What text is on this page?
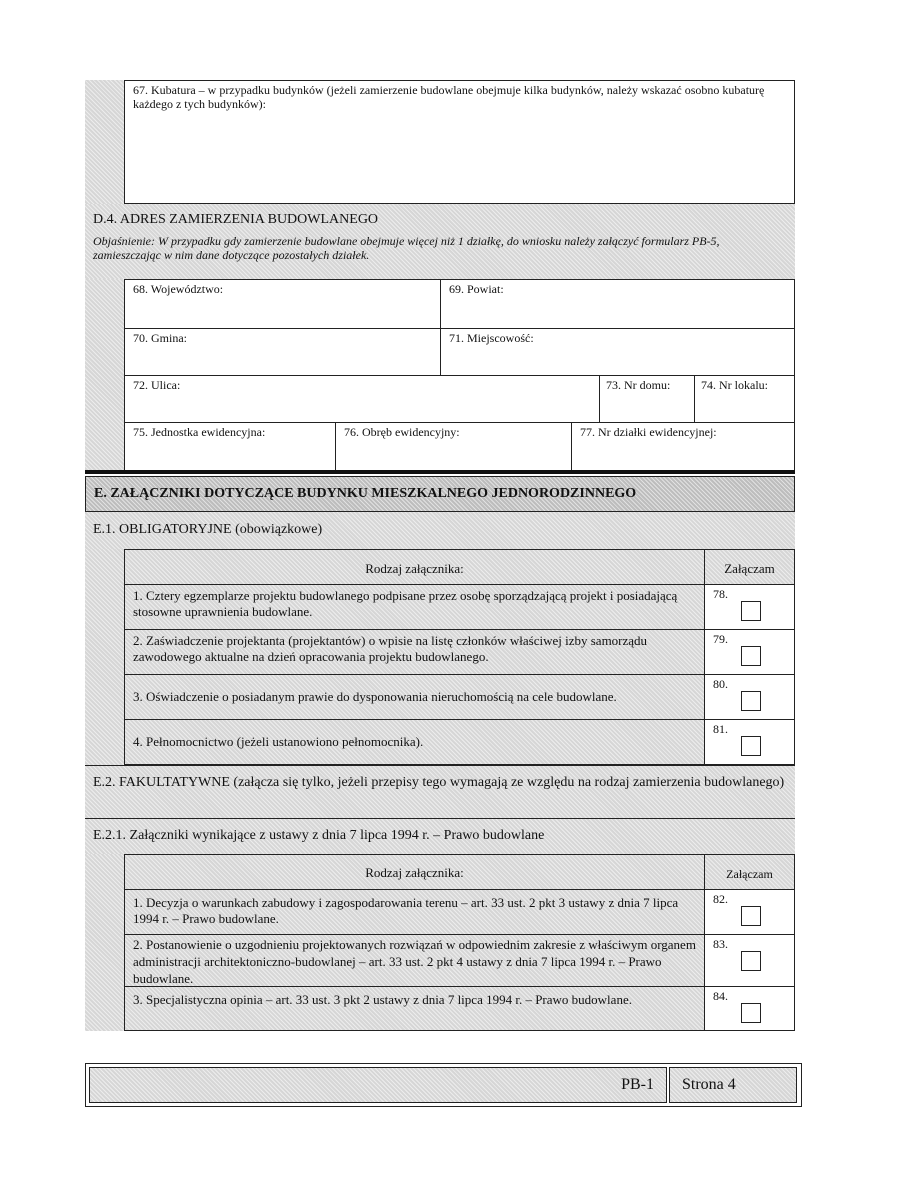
67. Kubatura – w przypadku budynków (jeżeli zamierzenie budowlane obejmuje kilka budynków, należy wskazać osobno kubaturę każdego z tych budynków):
D.4. ADRES ZAMIERZENIA BUDOWLANEGO
Objaśnienie: W przypadku gdy zamierzenie budowlane obejmuje więcej niż 1 działkę, do wniosku należy załączyć formularz PB-5, zamieszczając w nim dane dotyczące pozostałych działek.
68. Województwo:	69. Powiat:
70. Gmina:	71. Miejscowość:
72. Ulica:	73. Nr domu:	74. Nr lokalu:
75. Jednostka ewidencyjna:	76. Obręb ewidencyjny:	77. Nr działki ewidencyjnej:
E. ZAŁĄCZNIKI DOTYCZĄCE BUDYNKU MIESZKALNEGO JEDNORODZINNEGO
E.1. OBLIGATORYJNE (obowiązkowe)
Rodzaj załącznika:	Załączam
1. Cztery egzemplarze projektu budowlanego podpisane przez osobę sporządzającą projekt i posiadającą stosowne uprawnienia budowlane.
78.
2. Zaświadczenie projektanta (projektantów) o wpisie na listę członków właściwej izby samorządu zawodowego aktualne na dzień opracowania projektu budowlanego.
79.
3. Oświadczenie o posiadanym prawie do dysponowania nieruchomością na cele budowlane.
80.
4. Pełnomocnictwo (jeżeli ustanowiono pełnomocnika).
81.
E.2. FAKULTATYWNE (załącza się tylko, jeżeli przepisy tego wymagają ze względu na rodzaj zamierzenia budowlanego)
E.2.1. Załączniki wynikające z ustawy z dnia 7 lipca 1994 r. – Prawo budowlane
Rodzaj załącznika:	Załączam
1. Decyzja o warunkach zabudowy i zagospodarowania terenu – art. 33 ust. 2 pkt 3 ustawy z dnia 7 lipca 1994 r. – Prawo budowlane.
82.
2. Postanowienie o uzgodnieniu projektowanych rozwiązań w odpowiednim zakresie z właściwym organem administracji architektoniczno-budowlanej – art. 33 ust. 2 pkt 4 ustawy z dnia 7 lipca 1994 r. – Prawo budowlane.
83.
3. Specjalistyczna opinia – art. 33 ust. 3 pkt 2 ustawy z dnia 7 lipca 1994 r. – Prawo budowlane.	84.
PB-1	Strona 4
